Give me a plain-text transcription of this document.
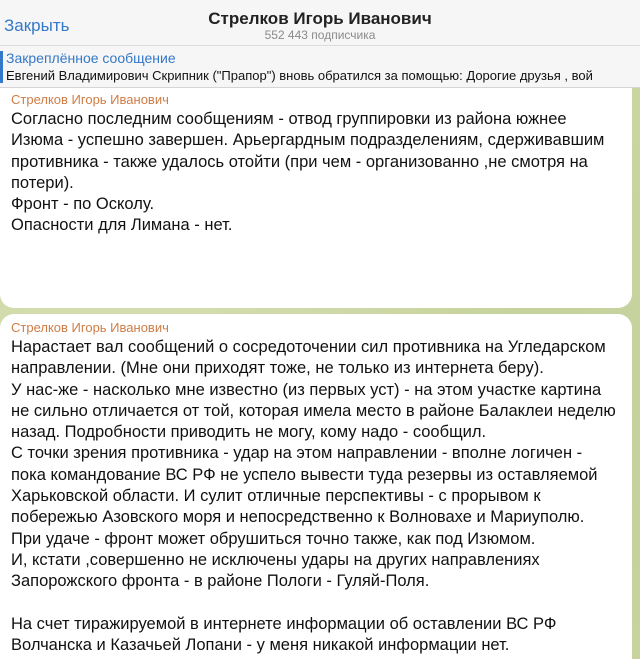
Закрыть	Стрелков Игорь Иванович
552 443 подписчика
Закреплённое сообщение
Евгений Владимирович Скрипник ("Прапор") вновь обратился за помощью: Дорогие друзья , вой
Стрелков Игорь Иванович
Согласно последним сообщениям - отвод группировки из района южнее
Изюма - успешно завершен. Арьергардным подразделениям, сдерживавшим
противника - также удалось отойти (при чем - организованно ,не смотря на
потери).
Фронт - по Осколу.
Опасности для Лимана - нет.
Стрелков Игорь Иванович
Нарастает вал сообщений о сосредоточении сил противника на Угледарском
направлении. (Мне они приходят тоже, не только из интернета беру).
У нас-же - насколько мне известно (из первых уст) - на этом участке картина
не сильно отличается от той, которая имела место в районе Балаклеи неделю
назад. Подробности приводить не могу, кому надо - сообщил.
С точки зрения противника - удар на этом направлении - вполне логичен -
пока командование ВС РФ не успело вывести туда резервы из оставляемой
Харьковской области. И сулит отличные перспективы - с прорывом к
побережью Азовского моря и непосредственно к Волновахе и Мариуполю.
При удаче - фронт может обрушиться точно также, как под Изюмом.
И, кстати ,совершенно не исключены удары на других направлениях
Запорожского фронта - в районе Пологи - Гуляй-Поля.

На счет тиражируемой в интернете информации об оставлении ВС РФ
Волчанска и Казачьей Лопани - у меня никакой информации нет.
